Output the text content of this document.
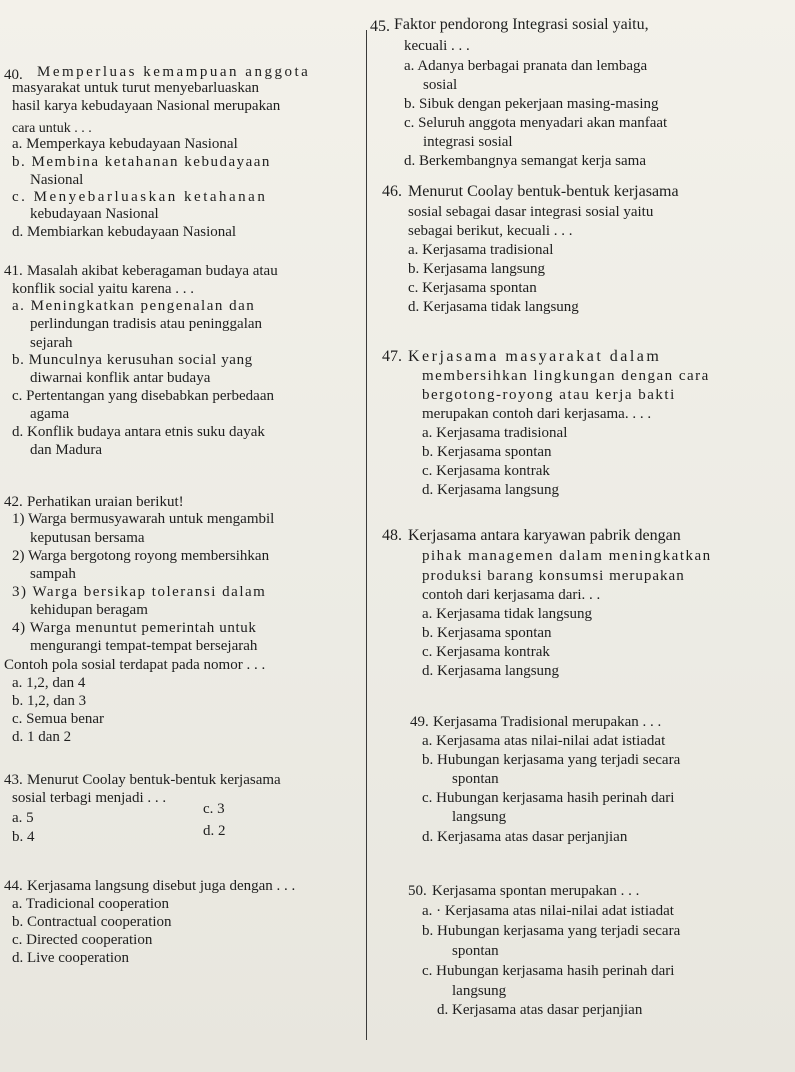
40. Memperluas kemampuan anggota
masyarakat untuk turut menyebarluaskan
hasil karya kebudayaan Nasional merupakan
cara untuk . . .
a. Memperkaya kebudayaan Nasional
b. Membina ketahanan kebudayaan
Nasional
c. Menyebarluaskan ketahanan
kebudayaan Nasional
d. Membiarkan kebudayaan Nasional
41. Masalah akibat keberagaman budaya atau
konflik social yaitu karena . . .
a. Meningkatkan pengenalan dan
perlindungan tradisis atau peninggalan
sejarah
b. Munculnya kerusuhan social yang
diwarnai konflik antar budaya
c. Pertentangan yang disebabkan perbedaan
agama
d. Konflik budaya antara etnis suku dayak
dan Madura
42. Perhatikan uraian berikut!
1) Warga bermusyawarah untuk mengambil
keputusan bersama
2) Warga bergotong royong membersihkan
sampah
3) Warga bersikap toleransi dalam
kehidupan beragam
4) Warga menuntut pemerintah untuk
mengurangi tempat-tempat bersejarah
Contoh pola sosial terdapat pada nomor . . .
a. 1,2, dan 4
b. 1,2, dan 3
c. Semua benar
d. 1 dan 2
43. Menurut Coolay bentuk-bentuk kerjasama
sosial terbagi menjadi . . .
a. 5
b. 4
c. 3
d. 2
44. Kerjasama langsung disebut juga dengan . . .
a. Tradicional cooperation
b. Contractual cooperation
c. Directed cooperation
d. Live cooperation
45. Faktor pendorong Integrasi sosial yaitu,
kecuali . . .
a. Adanya berbagai pranata dan lembaga
sosial
b. Sibuk dengan pekerjaan masing-masing
c. Seluruh anggota menyadari akan manfaat
integrasi sosial
d. Berkembangnya semangat kerja sama
46. Menurut Coolay bentuk-bentuk kerjasama
sosial sebagai dasar integrasi sosial yaitu
sebagai berikut, kecuali . . .
a. Kerjasama tradisional
b. Kerjasama langsung
c. Kerjasama spontan
d. Kerjasama tidak langsung
47. Kerjasama masyarakat dalam
membersihkan lingkungan dengan cara
bergotong-royong atau kerja bakti
merupakan contoh dari kerjasama. . . .
a. Kerjasama tradisional
b. Kerjasama spontan
c. Kerjasama kontrak
d. Kerjasama langsung
48. Kerjasama antara karyawan pabrik dengan
pihak managemen dalam meningkatkan
produksi barang konsumsi merupakan
contoh dari kerjasama dari. . .
a. Kerjasama tidak langsung
b. Kerjasama spontan
c. Kerjasama kontrak
d. Kerjasama langsung
49. Kerjasama Tradisional merupakan . . .
a. Kerjasama atas nilai-nilai adat istiadat
b. Hubungan kerjasama yang terjadi secara
spontan
c. Hubungan kerjasama hasih perinah dari
langsung
d. Kerjasama atas dasar perjanjian
50. Kerjasama spontan merupakan . . .
a. · Kerjasama atas nilai-nilai adat istiadat
b. Hubungan kerjasama yang terjadi secara
spontan
c. Hubungan kerjasama hasih perinah dari
langsung
d. Kerjasama atas dasar perjanjian
